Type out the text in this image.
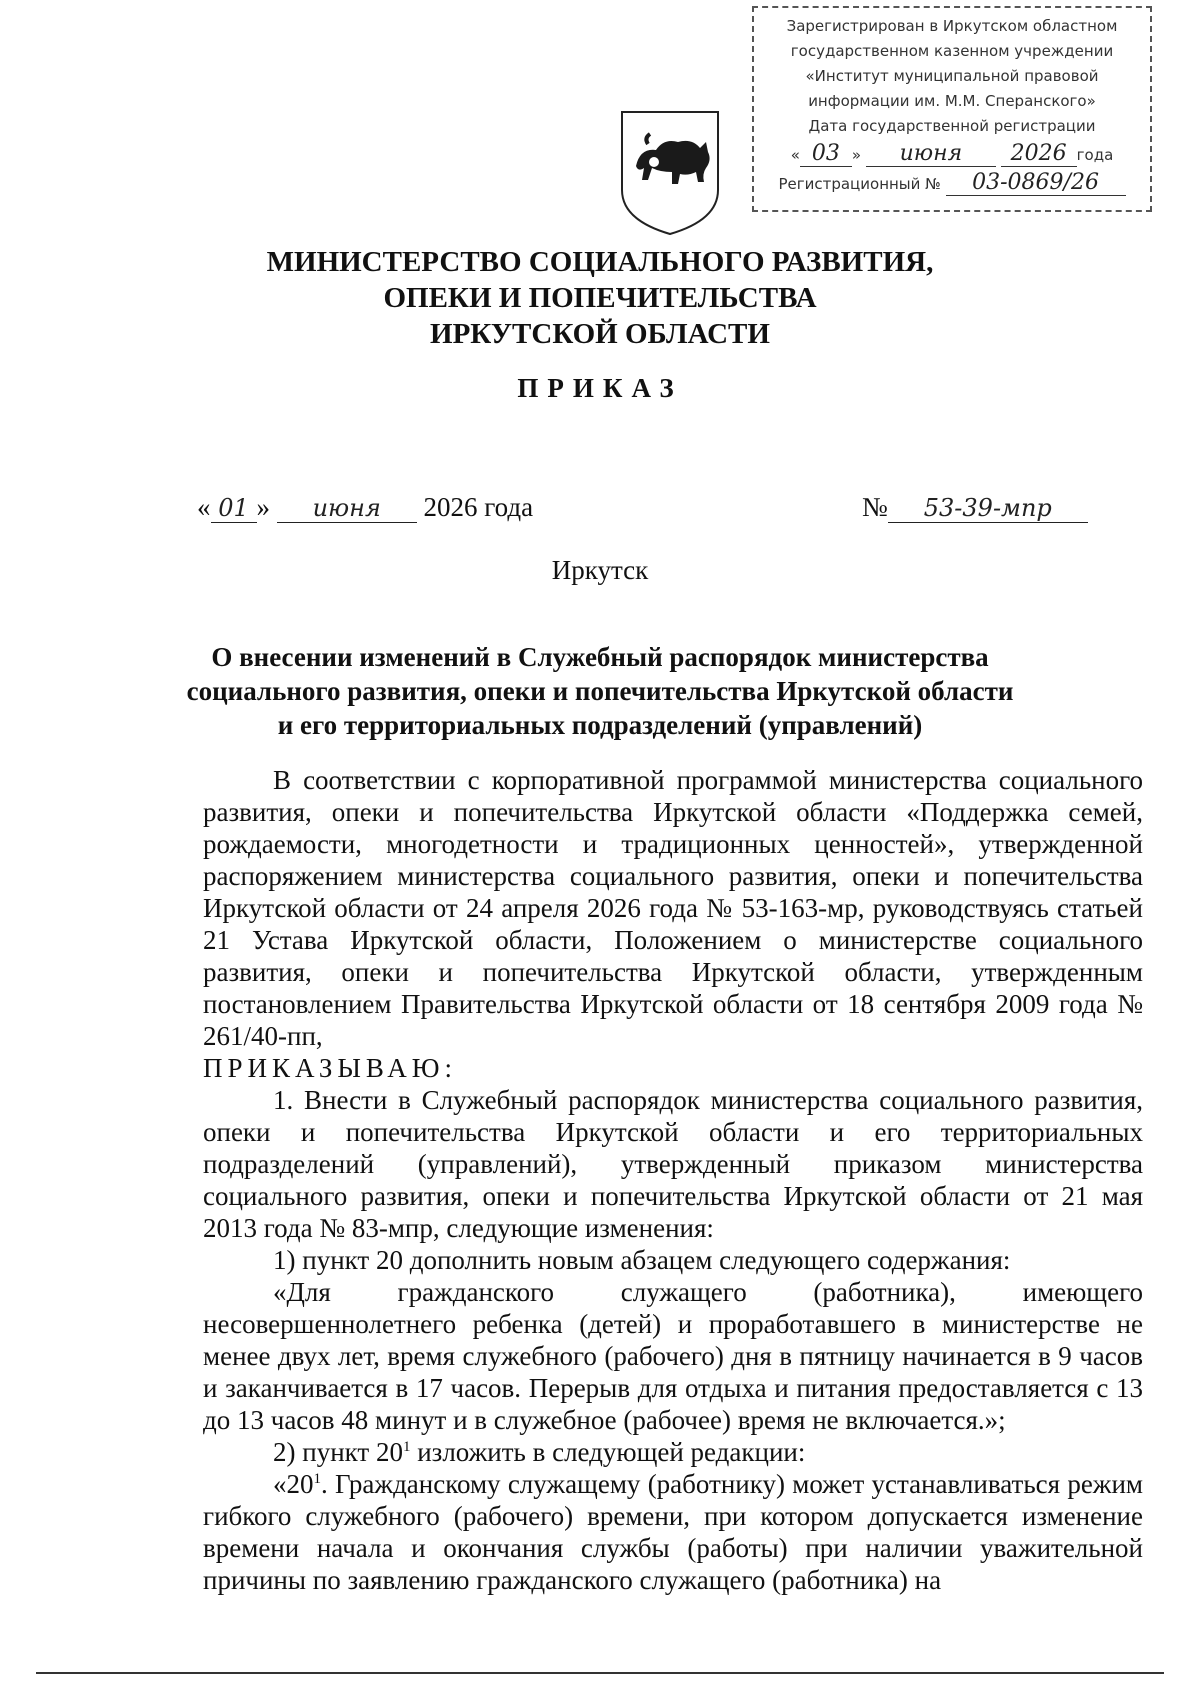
Зарегистрирован в Иркутском областном
государственном казенном учреждении
«Институт муниципальной правовой
информации им. М.М. Сперанского»
Дата государственной регистрации
« 03 » июня 2026 года
Регистрационный № 03-0869/26
МИНИСТЕРСТВО СОЦИАЛЬНОГО РАЗВИТИЯ,
ОПЕКИ И ПОПЕЧИТЕЛЬСТВА
ИРКУТСКОЙ ОБЛАСТИ
ПРИКАЗ
« 01 » июня 2026 года	№ 53-39-мпр
Иркутск
О внесении изменений в Служебный распорядок министерства
социального развития, опеки и попечительства Иркутской области
и его территориальных подразделений (управлений)

В соответствии с корпоративной программой министерства социального развития, опеки и попечительства Иркутской области «Поддержка семей, рождаемости, многодетности и традиционных ценностей», утвержденной распоряжением министерства социального развития, опеки и попечительства Иркутской области от 24 апреля 2026 года № 53-163-мр, руководствуясь статьей 21 Устава Иркутской области, Положением о министерстве социального развития, опеки и попечительства Иркутской области, утвержденным постановлением Правительства Иркутской области от 18 сентября 2009 года № 261/40-пп,

ПРИКАЗЫВАЮ:

1. Внести в Служебный распорядок министерства социального развития, опеки и попечительства Иркутской области и его территориальных подразделений (управлений), утвержденный приказом министерства социального развития, опеки и попечительства Иркутской области от 21 мая 2013 года № 83-мпр, следующие изменения:

1) пункт 20 дополнить новым абзацем следующего содержания:

«Для гражданского служащего (работника), имеющего несовершеннолетнего ребенка (детей) и проработавшего в министерстве не менее двух лет, время служебного (рабочего) дня в пятницу начинается в 9 часов и заканчивается в 17 часов. Перерыв для отдыха и питания предоставляется с 13 до 13 часов 48 минут и в служебное (рабочее) время не включается.»;

2) пункт $20^1$ изложить в следующей редакции:

«$20^1$. Гражданскому служащему (работнику) может устанавливаться режим гибкого служебного (рабочего) времени, при котором допускается изменение времени начала и окончания службы (работы) при наличии уважительной причины по заявлению гражданского служащего (работника) на
